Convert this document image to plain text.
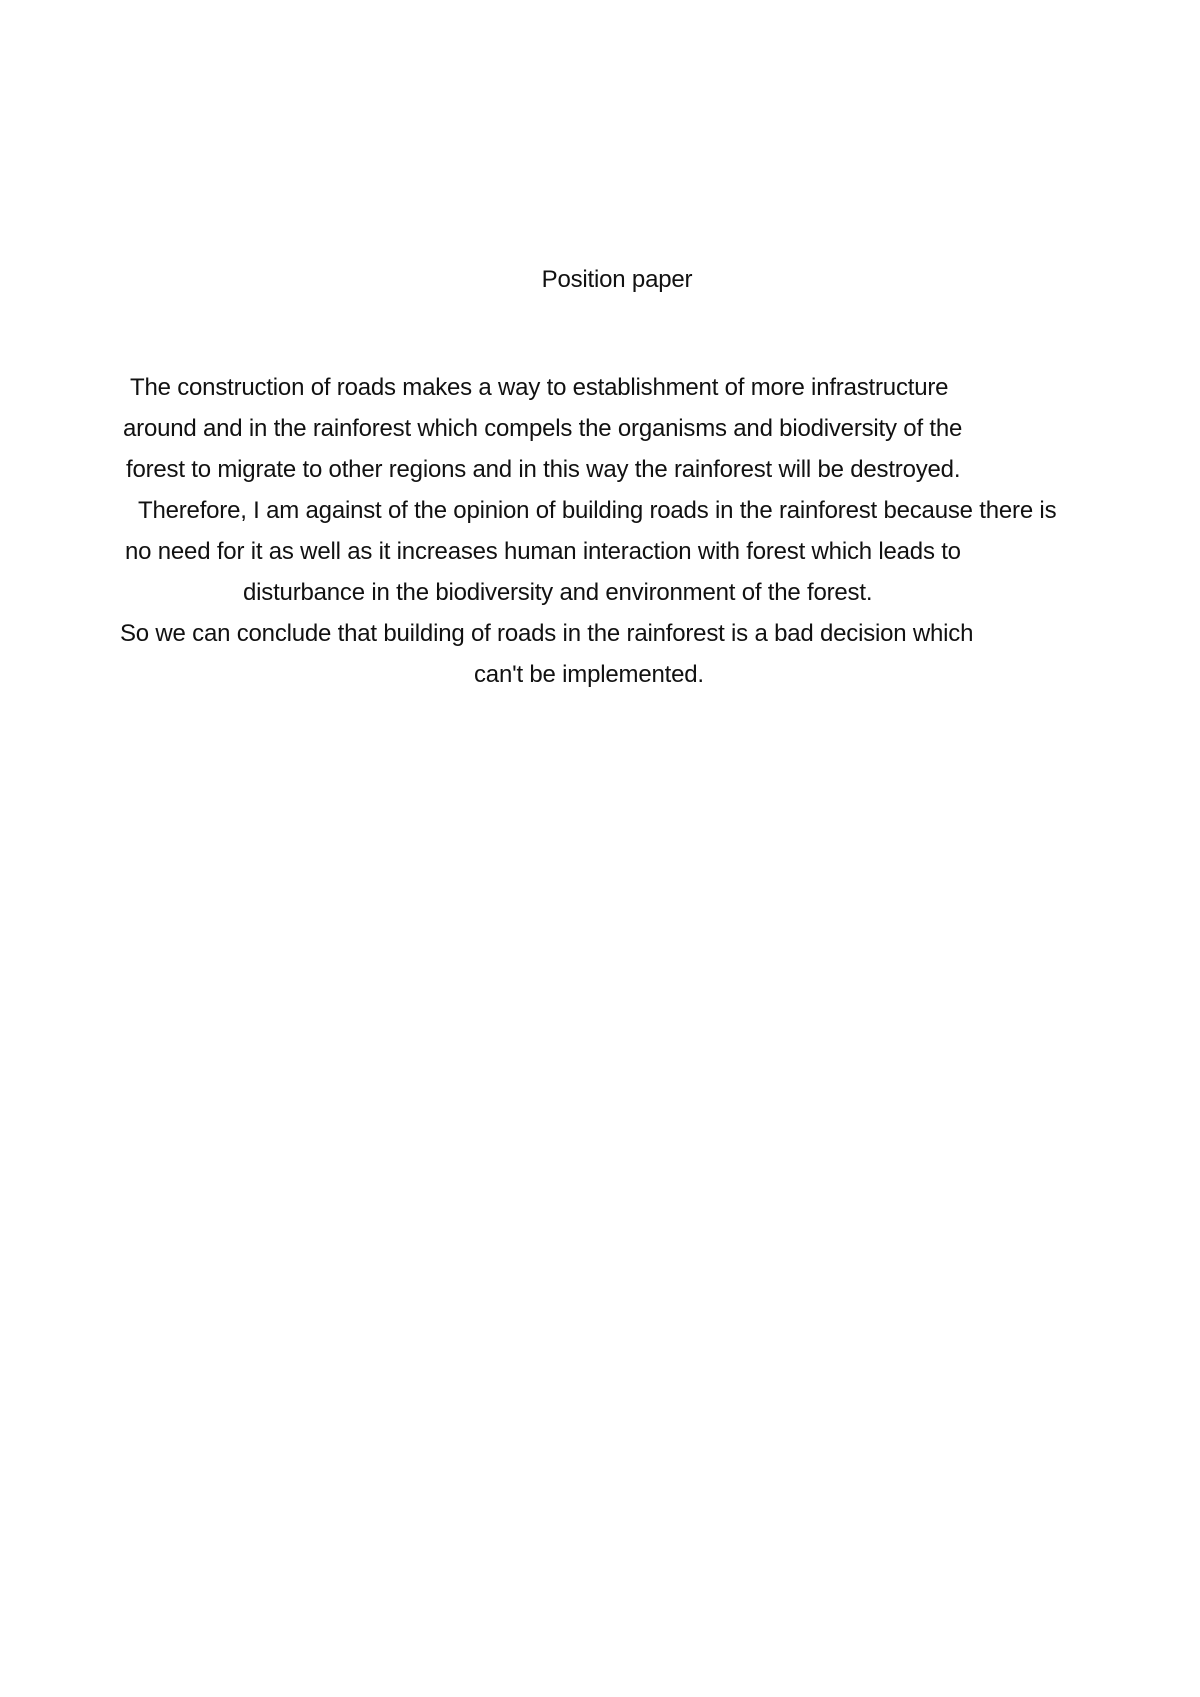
Position paper
The construction of roads makes a way to establishment of more infrastructure
around and in the rainforest which compels the organisms and biodiversity of the
forest to migrate to other regions and in this way the rainforest will be destroyed.
Therefore, I am against of the opinion of building roads in the rainforest because there is
no need for it as well as it increases human interaction with forest which leads to
disturbance in the biodiversity and environment of the forest.
So we can conclude that building of roads in the rainforest is a bad decision which
can't be implemented.
